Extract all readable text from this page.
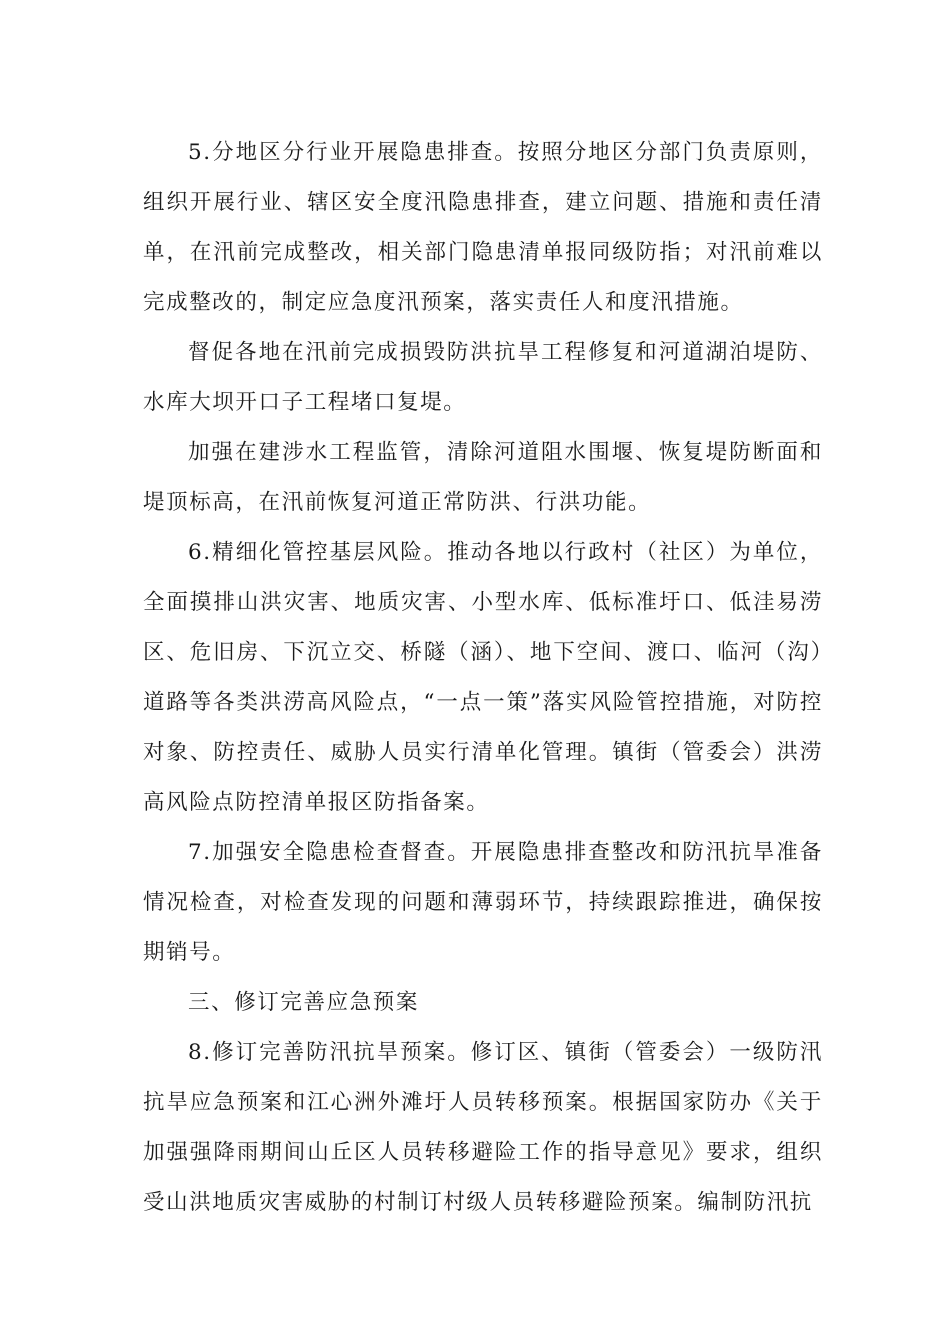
5.分地区分行业开展隐患排查。按照分地区分部门负责原则，组织开展行业、辖区安全度汛隐患排查，建立问题、措施和责任清单，在汛前完成整改，相关部门隐患清单报同级防指；对汛前难以完成整改的，制定应急度汛预案，落实责任人和度汛措施。

督促各地在汛前完成损毁防洪抗旱工程修复和河道湖泊堤防、水库大坝开口子工程堵口复堤。

加强在建涉水工程监管，清除河道阻水围堰、恢复堤防断面和堤顶标高，在汛前恢复河道正常防洪、行洪功能。

6.精细化管控基层风险。推动各地以行政村（社区）为单位，全面摸排山洪灾害、地质灾害、小型水库、低标准圩口、低洼易涝区、危旧房、下沉立交、桥隧（涵）、地下空间、渡口、临河（沟）道路等各类洪涝高风险点，“一点一策”落实风险管控措施，对防控对象、防控责任、威胁人员实行清单化管理。镇街（管委会）洪涝高风险点防控清单报区防指备案。

7.加强安全隐患检查督查。开展隐患排查整改和防汛抗旱准备情况检查，对检查发现的问题和薄弱环节，持续跟踪推进，确保按期销号。

三、修订完善应急预案

8.修订完善防汛抗旱预案。修订区、镇街（管委会）一级防汛抗旱应急预案和江心洲外滩圩人员转移预案。根据国家防办《关于加强强降雨期间山丘区人员转移避险工作的指导意见》要求，组织受山洪地质灾害威胁的村制订村级人员转移避险预案。编制防汛抗
